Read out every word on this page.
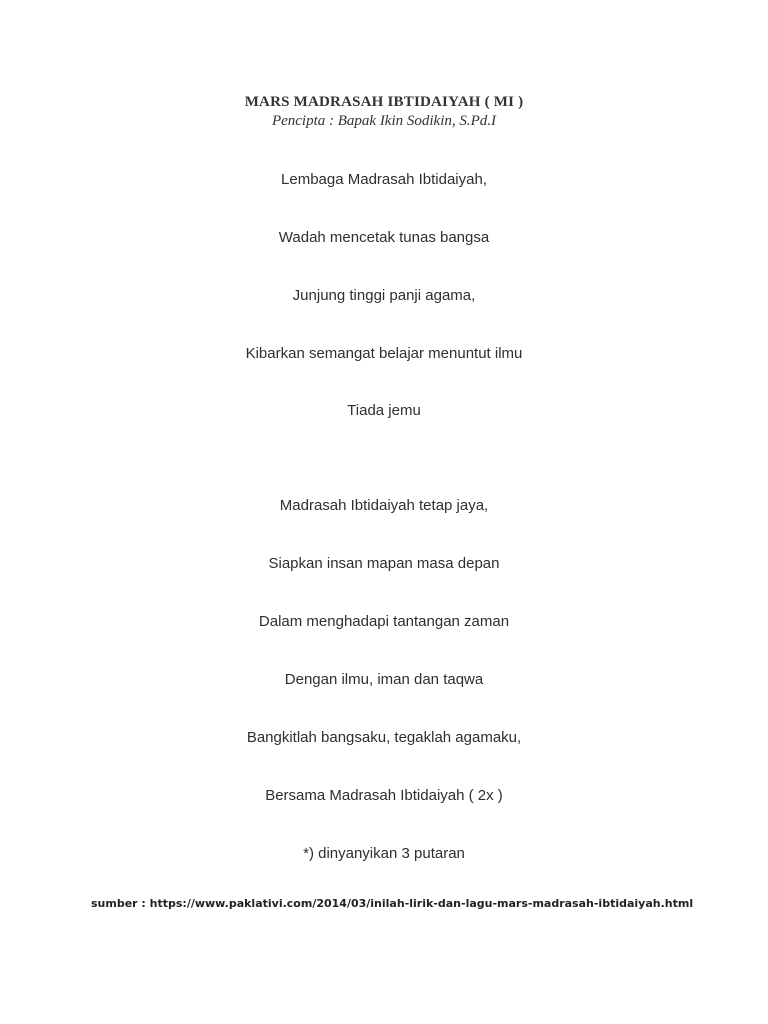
MARS MADRASAH IBTIDAIYAH ( MI )
Pencipta : Bapak Ikin Sodikin, S.Pd.I
Lembaga Madrasah Ibtidaiyah,
Wadah mencetak tunas bangsa
Junjung tinggi panji agama,
Kibarkan semangat belajar menuntut ilmu
Tiada jemu
Madrasah Ibtidaiyah tetap jaya,
Siapkan insan mapan masa depan
Dalam menghadapi tantangan zaman
Dengan ilmu, iman dan taqwa
Bangkitlah bangsaku, tegaklah agamaku,
Bersama Madrasah Ibtidaiyah ( 2x )
*) dinyanyikan 3 putaran
sumber : https://www.paklativi.com/2014/03/inilah-lirik-dan-lagu-mars-madrasah-ibtidaiyah.html
